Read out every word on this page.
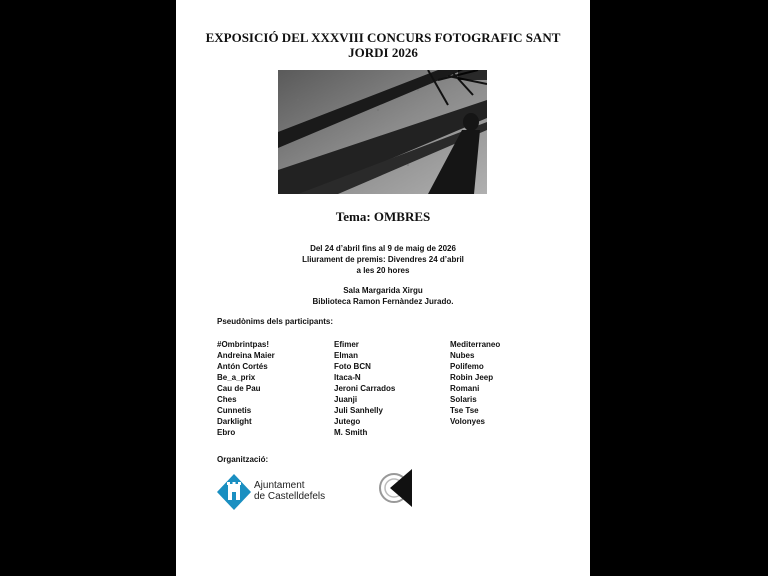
EXPOSICIÓ DEL XXXVIII CONCURS FOTOGRAFIC SANT
JORDI 2026
Tema: OMBRES
Del 24 d’abril fins al 9 de maig de 2026
Lliurament de premis: Divendres 24 d’abril
a les 20 hores
Sala Margarida Xirgu
Biblioteca Ramon Fernàndez Jurado.
Pseudònims dels participants:
#Ombrintpas!
Andreina Maier
Antón Cortés
Be_a_prix
Cau de Pau
Ches
Cunnetis
Darklight
Ebro
Efimer
Elman
Foto BCN
Itaca-N
Jeroni Carrados
Juanji
Juli Sanhelly
Jutego
M. Smith
Mediterraneo
Nubes
Polifemo
Robin Jeep
Romani
Solaris
Tse Tse
Volonyes
Organització:
Ajuntament
de Castelldefels
